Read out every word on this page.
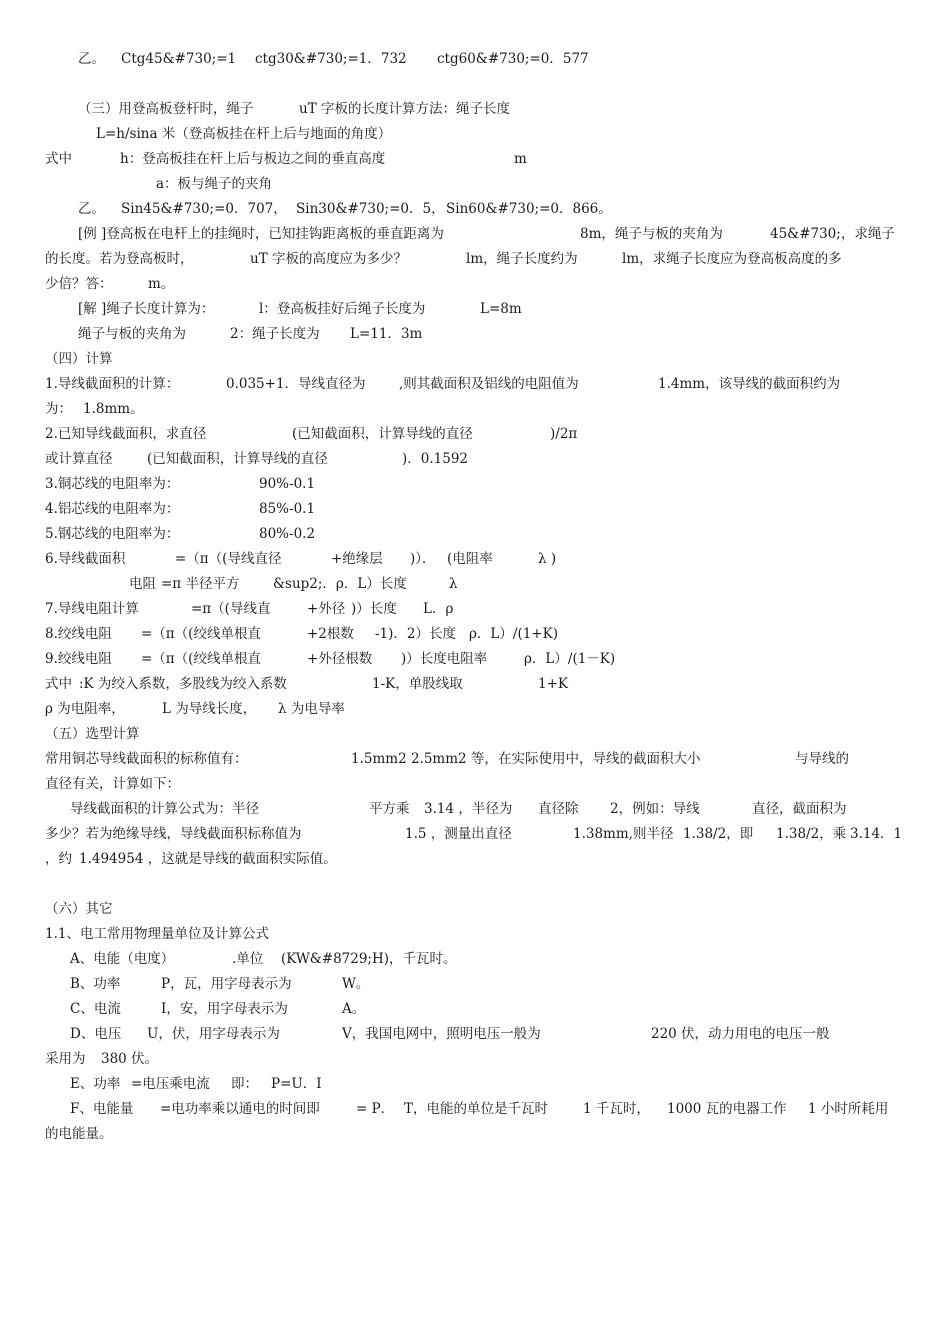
乙。 Ctg45&#730;=1 ctg30&#730;=1．732 ctg60&#730;=0．577
（三）用登高板登杆时，绳子	uT 字板的长度计算方法：绳子长度
L=h/sina 米（登高板挂在杆上后与地面的角度）
式中	h：登高板挂在杆上后与板边之间的垂直高度	m
a：板与绳子的夹角
乙。 Sin45&#730;=0．707， Sin30&#730;=0．5， Sin60&#730;=0．866。
[例 ]登高板在电杆上的挂绳时，已知挂钩距离板的垂直距离为	8m，绳子与板的夹角为	45&#730;，求绳子
的长度。若为登高板时，	uT 字板的高度应为多少？	lm，绳子长度约为	lm，求绳子长度应为登高板高度的多
少倍？答：	m。
[解 ]绳子长度计算为：	l：登高板挂好后绳子长度为	L=8m
绳子与板的夹角为	2：绳子长度为 L=11．3m
（四）计算
1.导线截面积的计算：	0.035+1．导线直径为 ,则其截面积及铝线的电阻值为	1.4mm，该导线的截面积约为
为： 1.8mm。
2.已知导线截面积，求直径	(已知截面积，计算导线的直径	)/2π
或计算直径	(已知截面积，计算导线的直径	)．0.1592
3.铜芯线的电阻率为：	90%-0.1
4.铝芯线的电阻率为：	85%-0.1
5.钢芯线的电阻率为：	80%-0.2
6.导线截面积	=（π（(导线直径	+绝缘层 )）． (电阻率	λ )
电阻 =π 半径平方 &sup2;．ρ．L）长度	λ
7.导线电阻计算	=π（(导线直	+外径 )）长度 L．ρ
8.绞线电阻 =（π（(绞线单根直	+2根数 -1)．2）长度 ρ．L）/(1+K)
9.绞线电阻 =（π（(绞线单根直	+外径根数 )）长度电阻率	ρ．L）/(1－K)
式中 :K 为绞入系数，多股线为绞入系数	1-K，单股线取	1+K
ρ 为电阻率，	L 为导线长度， λ 为电导率
（五）选型计算
常用铜芯导线截面积的标称值有：	1.5mm2 2.5mm2 等， 在实际使用中，导线的截面积大小	与导线的
直径有关，计算如下：
导线截面积的计算公式为：半径	平方乘 3.14 ，半径为 直径除 2，例如：导线	直径，截面积为
多少？若为绝缘导线，导线截面积标称值为	1.5 ，测量出直径	1.38mm,则半径 1.38/2，即 1.38/2，乘 3.14．1
，约 1.494954 ，这就是导线的截面积实际值。
（六）其它
1.1、电工常用物理量单位及计算公式
A、电能（电度）	.单位 (KW&#8729;H)，千瓦时。
B、功率	P，瓦，用字母表示为	W。
C、电流	I，安，用字母表示为	A。
D、电压 U，伏，用字母表示为	V，我国电网中，照明电压一般为	220 伏，动力用电的电压一般
采用为 380 伏。
E、功率 =电压乘电流 即： P=U．I
F、电能量 =电功率乘以通电的时间即	= P． T，电能的单位是千瓦时	1 千瓦时， 1000 瓦的电器工作 1 小时所耗用
的电能量。
